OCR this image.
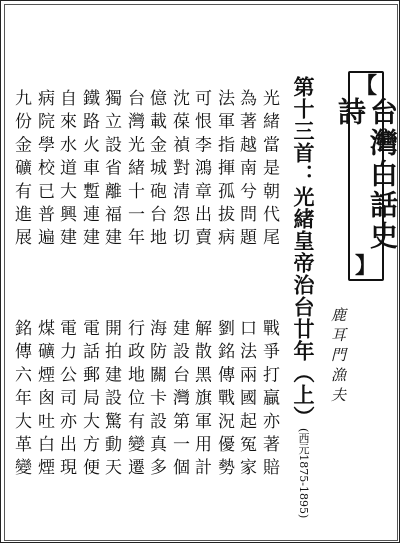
【
台灣白話史詩
】
鹿耳門漁夫
第十三首：光緒皇帝治台廿年（上）(西元1875-1895)
光緒當是朝代尾
為著越南兮問題
法軍指揮孤拔病
可恨李鴻章出賣
沈葆禎對清怨切
億載金城砲台地
台灣光緒十一年
獨立設省離福建
鐵路火車蹔連建
自來水道大興建
病院學校已普遍
戰爭打贏亦著賠
口法兩國起冤家
劉銘傳戰況優勢
解散黑旗軍用計
建設台灣第一個
海防關卡設真多
行政地位有變遷
開拍建設驚動天
電話郵局大方便
電力公司亦出現
煤礦煙囪吐白煙
九份金礦有進展
銘傳六年大革變
